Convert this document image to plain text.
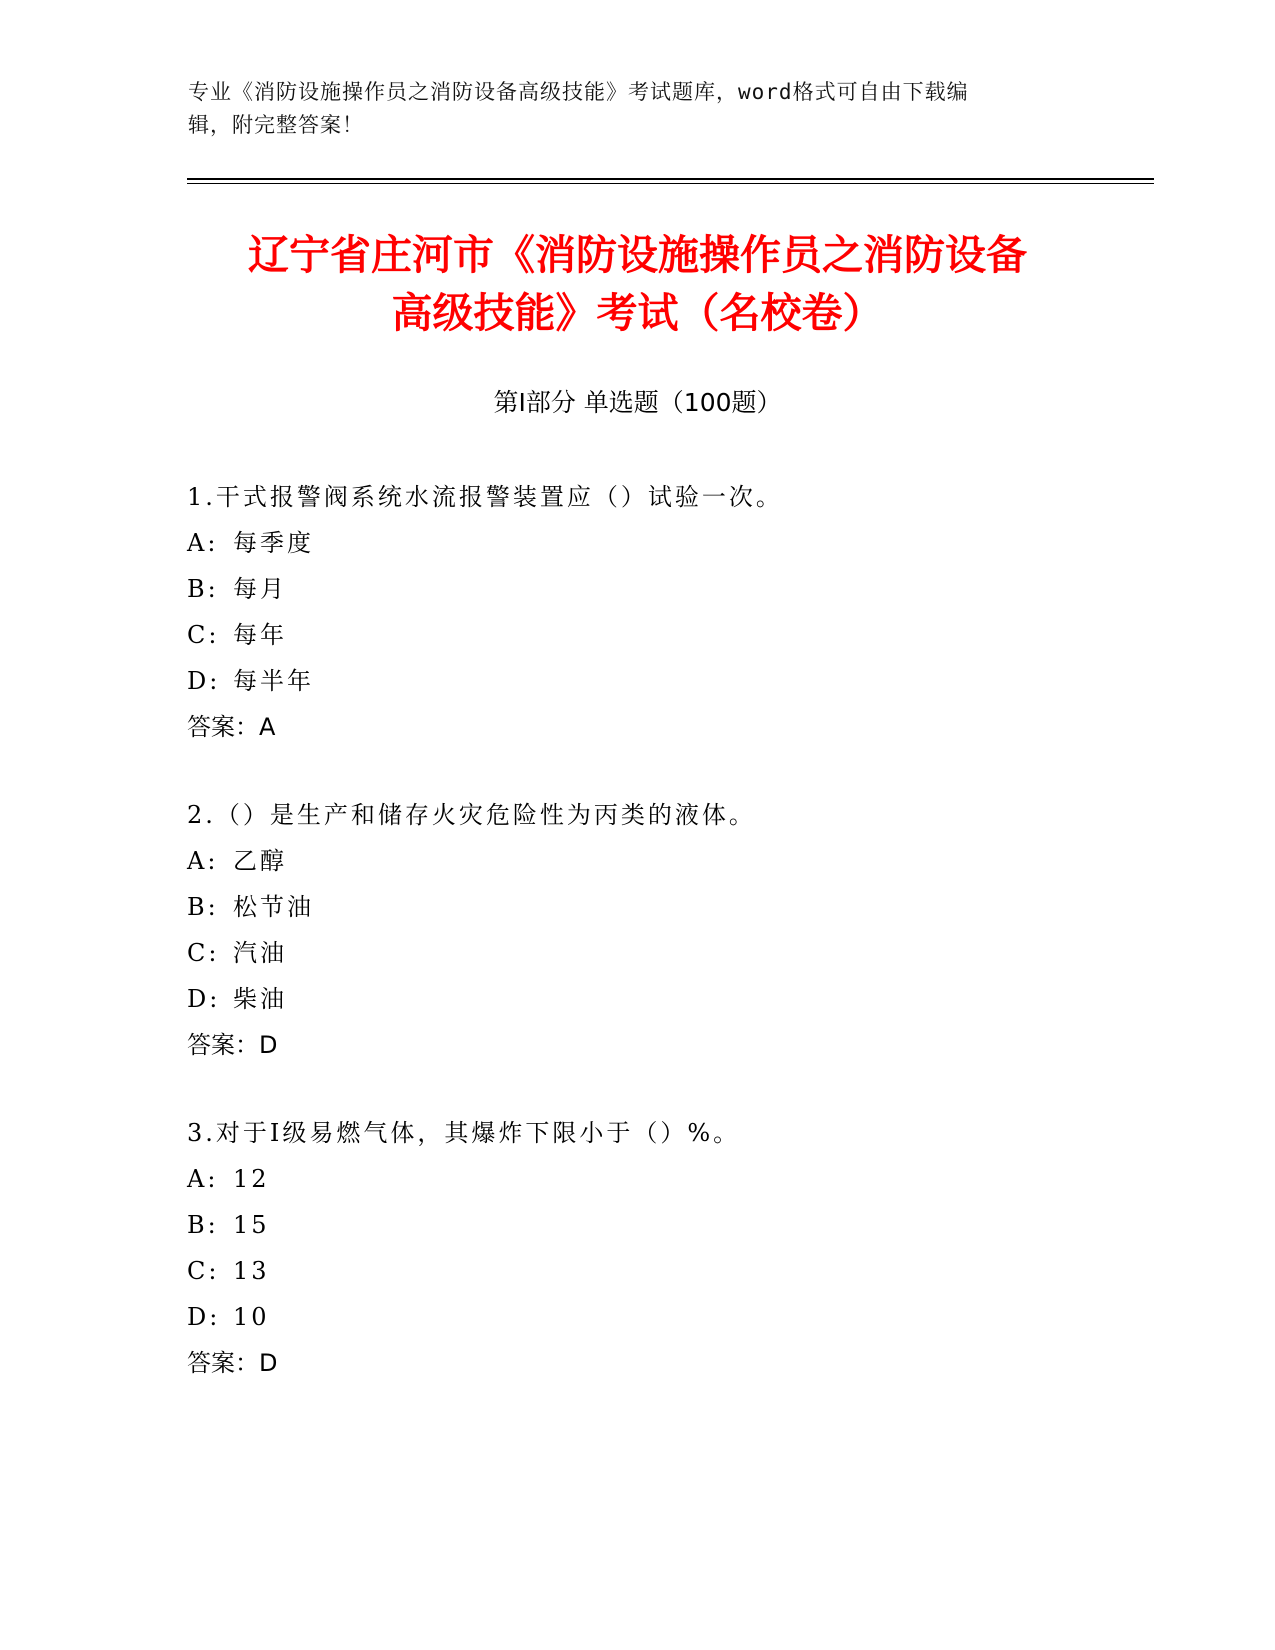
专业《消防设施操作员之消防设备高级技能》考试题库，word格式可自由下载编
辑，附完整答案！
辽宁省庄河市《消防设施操作员之消防设备
高级技能》考试（名校卷）
第Ⅰ部分 单选题（100题）
1.干式报警阀系统水流报警装置应（）试验一次。
A: 每季度
B: 每月
C: 每年
D: 每半年
答案：A
2.（）是生产和储存火灾危险性为丙类的液体。
A: 乙醇
B: 松节油
C: 汽油
D: 柴油
答案：D
3.对于Ⅰ级易燃气体，其爆炸下限小于（）%。
A: 12
B: 15
C: 13
D: 10
答案：D
